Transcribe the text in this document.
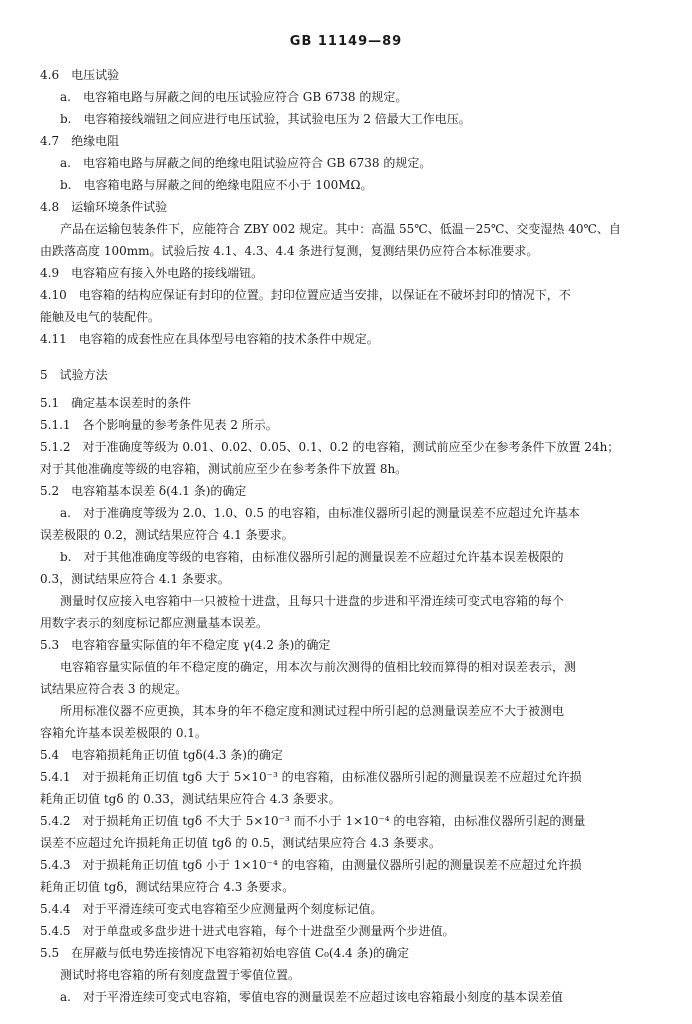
GB 11149—89
4.6　电压试验
a.　电容箱电路与屏蔽之间的电压试验应符合 GB 6738 的规定。
b.　电容箱接线端钮之间应进行电压试验，其试验电压为 2 倍最大工作电压。
4.7　绝缘电阻
a.　电容箱电路与屏蔽之间的绝缘电阻试验应符合 GB 6738 的规定。
b.　电容箱电路与屏蔽之间的绝缘电阻应不小于 100MΩ。
4.8　运输环境条件试验
产品在运输包装条件下，应能符合 ZBY 002 规定。其中：高温 55℃、低温－25℃、交变湿热 40℃、自
由跌落高度 100mm。试验后按 4.1、4.3、4.4 条进行复测，复测结果仍应符合本标准要求。
4.9　电容箱应有接入外电路的接线端钮。
4.10　电容箱的结构应保证有封印的位置。封印位置应适当安排，以保证在不破坏封印的情况下，不
能触及电气的装配件。
4.11　电容箱的成套性应在具体型号电容箱的技术条件中规定。
5　试验方法
5.1　确定基本误差时的条件
5.1.1　各个影响量的参考条件见表 2 所示。
5.1.2　对于准确度等级为 0.01、0.02、0.05、0.1、0.2 的电容箱，测试前应至少在参考条件下放置 24h；
对于其他准确度等级的电容箱，测试前应至少在参考条件下放置 8h。
5.2　电容箱基本误差 δ(4.1 条)的确定
a.　对于准确度等级为 2.0、1.0、0.5 的电容箱，由标准仪器所引起的测量误差不应超过允许基本
误差极限的 0.2，测试结果应符合 4.1 条要求。
b.　对于其他准确度等级的电容箱，由标准仪器所引起的测量误差不应超过允许基本误差极限的
0.3，测试结果应符合 4.1 条要求。
测量时仅应接入电容箱中一只被检十进盘，且每只十进盘的步进和平滑连续可变式电容箱的每个
用数字表示的刻度标记都应测量基本误差。
5.3　电容箱容量实际值的年不稳定度 γ(4.2 条)的确定
电容箱容量实际值的年不稳定度的确定，用本次与前次测得的值相比较而算得的相对误差表示，测
试结果应符合表 3 的规定。
所用标准仪器不应更换，其本身的年不稳定度和测试过程中所引起的总测量误差应不大于被测电
容箱允许基本误差极限的 0.1。
5.4　电容箱损耗角正切值 tgδ(4.3 条)的确定
5.4.1　对于损耗角正切值 tgδ 大于 5×10⁻³ 的电容箱，由标准仪器所引起的测量误差不应超过允许损
耗角正切值 tgδ 的 0.33，测试结果应符合 4.3 条要求。
5.4.2　对于损耗角正切值 tgδ 不大于 5×10⁻³ 而不小于 1×10⁻⁴ 的电容箱，由标准仪器所引起的测量
误差不应超过允许损耗角正切值 tgδ 的 0.5，测试结果应符合 4.3 条要求。
5.4.3　对于损耗角正切值 tgδ 小于 1×10⁻⁴ 的电容箱，由测量仪器所引起的测量误差不应超过允许损
耗角正切值 tgδ，测试结果应符合 4.3 条要求。
5.4.4　对于平滑连续可变式电容箱至少应测量两个刻度标记值。
5.4.5　对于单盘或多盘步进十进式电容箱，每个十进盘至少测量两个步进值。
5.5　在屏蔽与低电势连接情况下电容箱初始电容值 C₀(4.4 条)的确定
测试时将电容箱的所有刻度盘置于零值位置。
a.　对于平滑连续可变式电容箱，零值电容的测量误差不应超过该电容箱最小刻度的基本误差值
